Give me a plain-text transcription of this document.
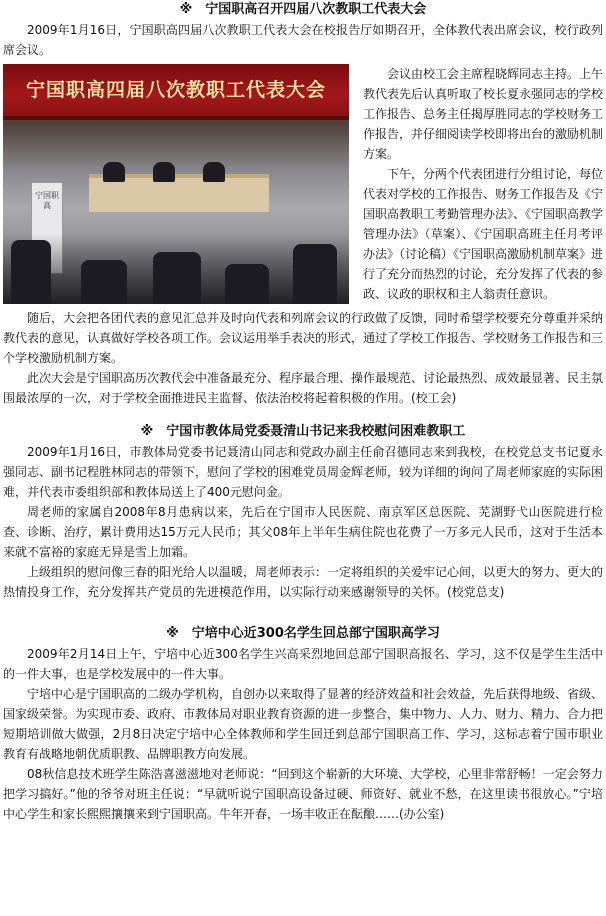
※　宁国职高召开四届八次教职工代表大会

2009年1月16日，宁国职高四届八次教职工代表大会在校报告厅如期召开，全体教代表出席会议，校行政列席会议。

宁国职高四届八次教职工代表大会
宁国职高

会议由校工会主席程晓辉同志主持。上午教代表先后认真听取了校长夏永强同志的学校工作报告、总务主任揭厚胜同志的学校财务工作报告，并仔细阅读学校即将出台的激励机制方案。

下午，分两个代表团进行分组讨论，每位代表对学校的工作报告、财务工作报告及《宁国职高教职工考勤管理办法》、《宁国职高教学管理办法》（草案）、《宁国职高班主任月考评办法》（讨论稿）《宁国职高激励机制草案》进行了充分而热烈的讨论，充分发挥了代表的参政、议政的职权和主人翁责任意识。

随后，大会把各团代表的意见汇总并及时向代表和列席会议的行政做了反馈，同时希望学校要充分尊重并采纳教代表的意见，认真做好学校各项工作。会议运用举手表决的形式，通过了学校工作报告、学校财务工作报告和三个学校激励机制方案。

此次大会是宁国职高历次教代会中准备最充分、程序最合理、操作最规范、讨论最热烈、成效最显著、民主氛围最浓厚的一次，对于学校全面推进民主监督、依法治校将起着积极的作用。(校工会)

※　宁国市教体局党委聂清山书记来我校慰问困难教职工

2009年1月16日，市教体局党委书记聂清山同志和党政办副主任俞召德同志来到我校，在校党总支书记夏永强同志、副书记程胜林同志的带领下，慰问了学校的困难党员周金辉老师，较为详细的询问了周老师家庭的实际困难，并代表市委组织部和教体局送上了400元慰问金。

周老师的家属自2008年8月患病以来，先后在宁国市人民医院、南京军区总医院、芜湖野弋山医院进行检查、诊断、治疗，累计费用达15万元人民币；其父08年上半年生病住院也花费了一万多元人民币，这对于生活本来就不富裕的家庭无异是雪上加霜。

上级组织的慰问像三春的阳光给人以温暖，周老师表示：一定将组织的关爱牢记心间，以更大的努力、更大的热情投身工作，充分发挥共产党员的先进模范作用，以实际行动来感谢领导的关怀。(校党总支)

※　宁培中心近300名学生回总部宁国职高学习

2009年2月14日上午，宁培中心近300名学生兴高采烈地回总部宁国职高报名、学习，这不仅是学生生活中的一件大事，也是学校发展中的一件大事。

宁培中心是宁国职高的二级办学机构，自创办以来取得了显著的经济效益和社会效益，先后获得地级、省级、国家级荣誉。为实现市委、政府、市教体局对职业教育资源的进一步整合，集中物力、人力、财力、精力、合力把短期培训做大做强，2月8日决定宁培中心全体教师和学生回迁到总部宁国职高工作、学习，这标志着宁国市职业教育有战略地朝优质职教、品牌职教方向发展。

08秋信息技术班学生陈浩喜滋滋地对老师说：“回到这个崭新的大环境、大学校，心里非常舒畅！一定会努力把学习搞好。”他的爷爷对班主任说：“早就听说宁国职高设备过硬、师资好、就业不愁，在这里读书很放心。”宁培中心学生和家长熙熙攘攘来到宁国职高。牛年开春，一场丰收正在酝酿……(办公室)
